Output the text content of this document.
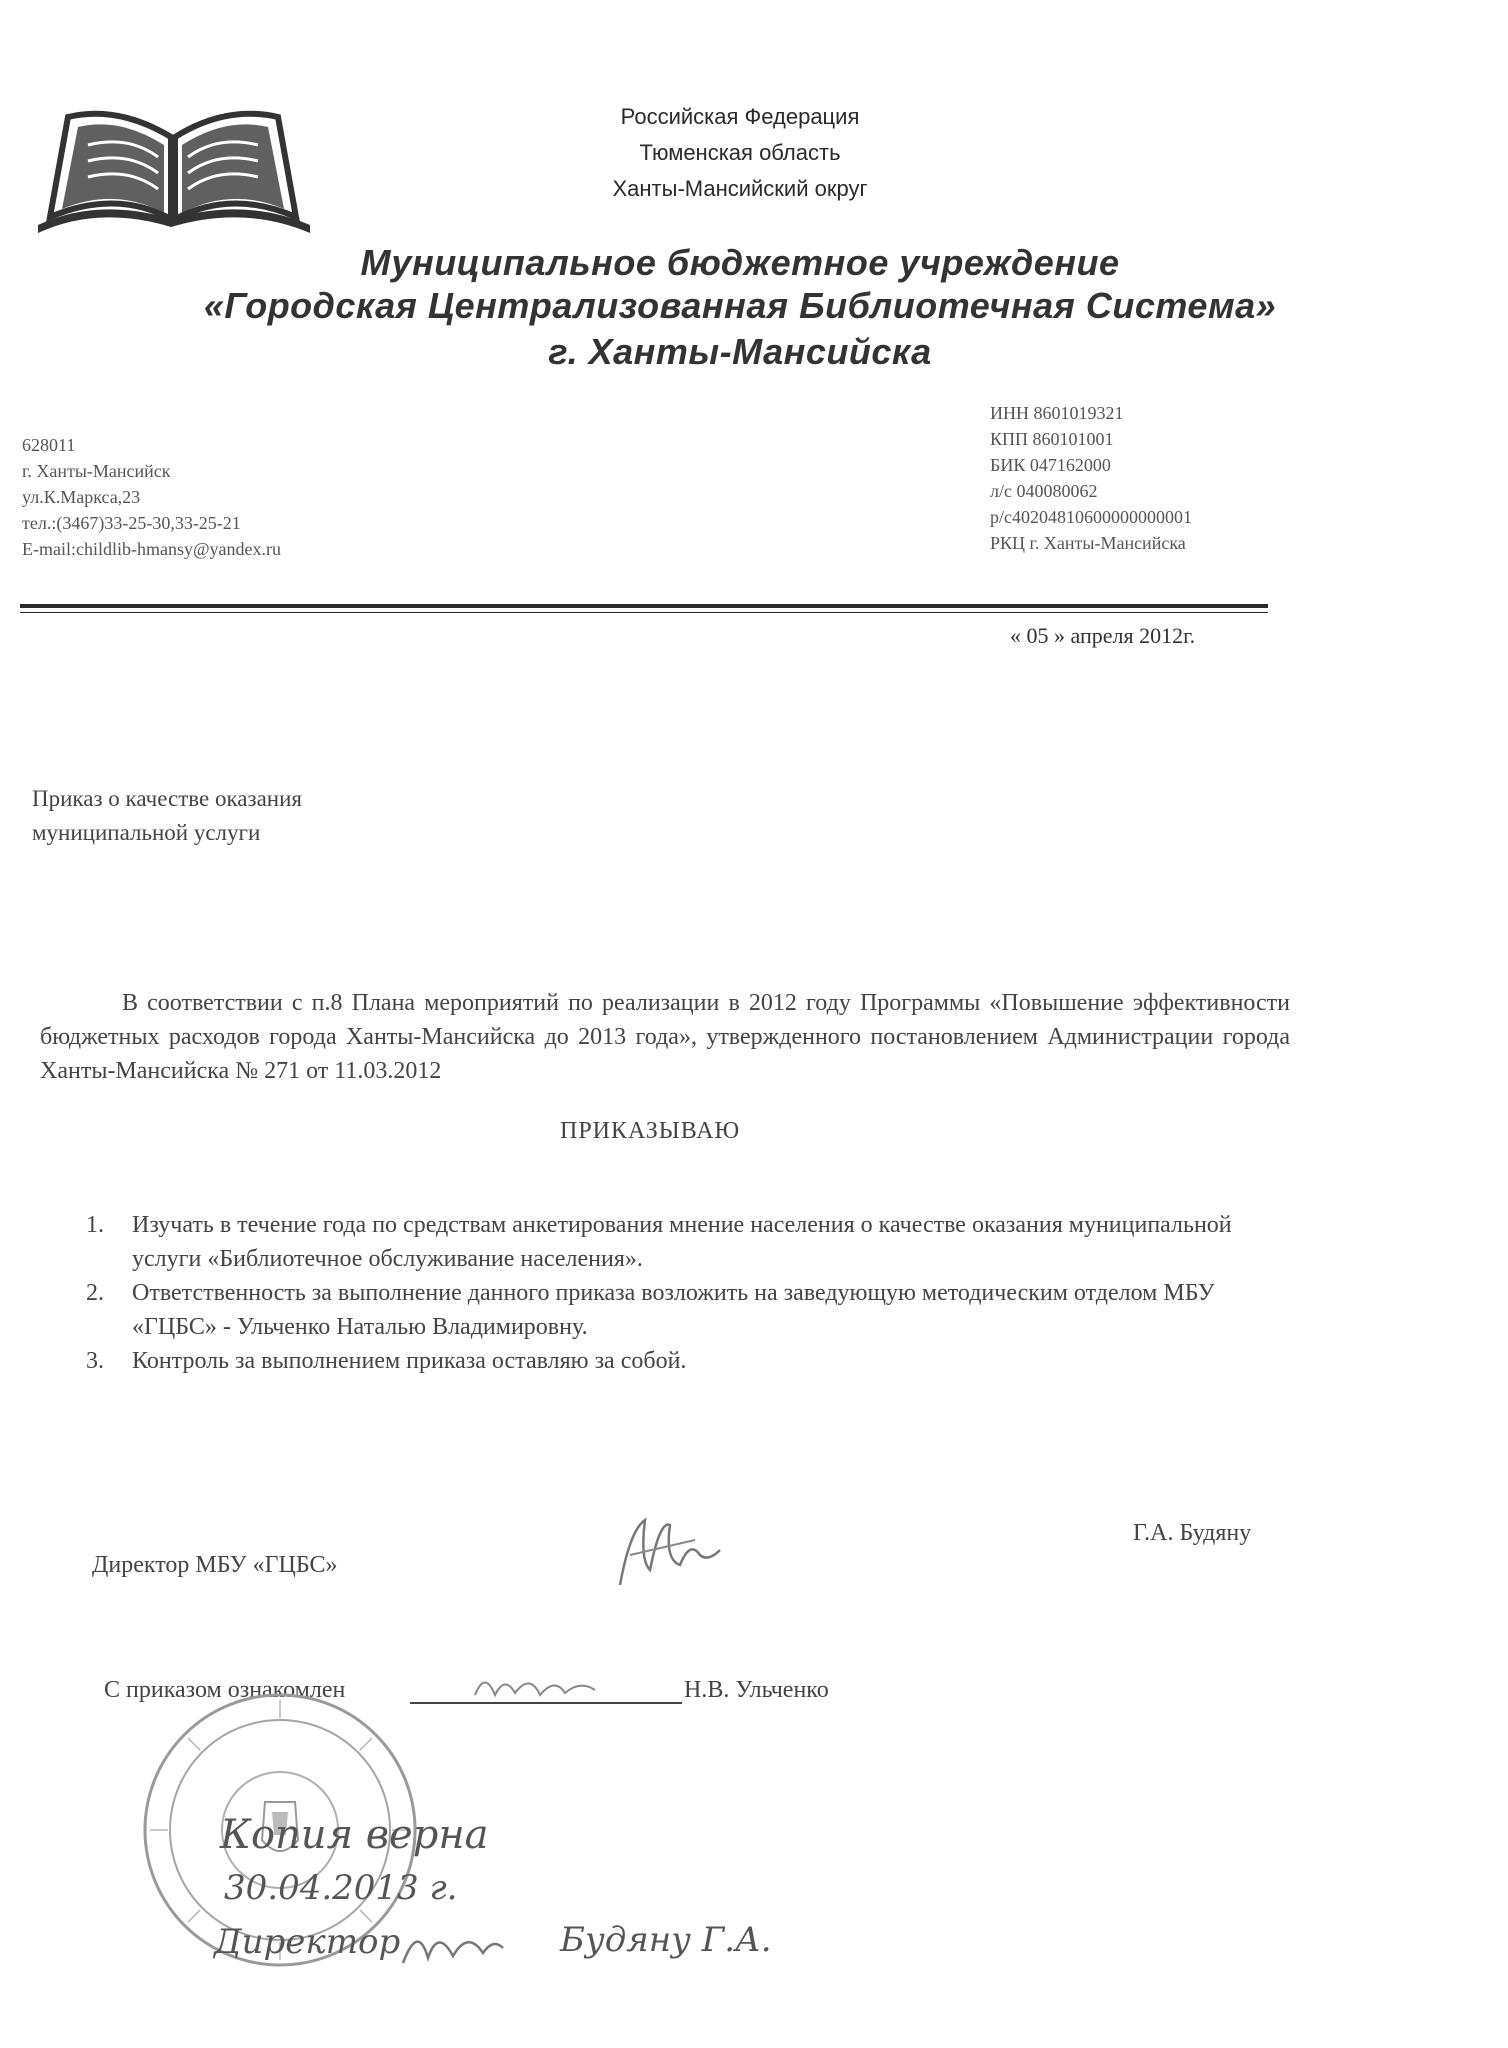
Российская Федерация
Тюменская область
Ханты-Мансийский округ
Муниципальное бюджетное учреждение
«Городская Централизованная Библиотечная Система»
г. Ханты-Мансийска
628011
г. Ханты-Мансийск
ул.К.Маркса,23
тел.:(3467)33-25-30,33-25-21
E-mail:childlib-hmansy@yandex.ru
ИНН 8601019321
КПП 860101001
БИК 047162000
л/с 040080062
р/с40204810600000000001
РКЦ г. Ханты-Мансийска
« 05 » апреля 2012г.
Приказ о качестве оказания
муниципальной услуги
В соответствии с п.8 Плана мероприятий по реализации в 2012 году Программы «Повышение эффективности бюджетных расходов города Ханты-Мансийска до 2013 года», утвержденного постановлением Администрации города Ханты-Мансийска № 271 от 11.03.2012
ПРИКАЗЫВАЮ
1. Изучать в течение года по средствам анкетирования мнение населения о качестве оказания муниципальной услуги «Библиотечное обслуживание населения».
2. Ответственность за выполнение данного приказа возложить на заведующую методическим отделом МБУ «ГЦБС» - Ульченко Наталью Владимировну.
3. Контроль за выполнением приказа оставляю за собой.
Директор МБУ «ГЦБС»
Г.А. Будяну
С приказом ознакомлен	Н.В. Ульченко
Копия верна
30.04.2013 г.
Директор	Будяну Г.А.
